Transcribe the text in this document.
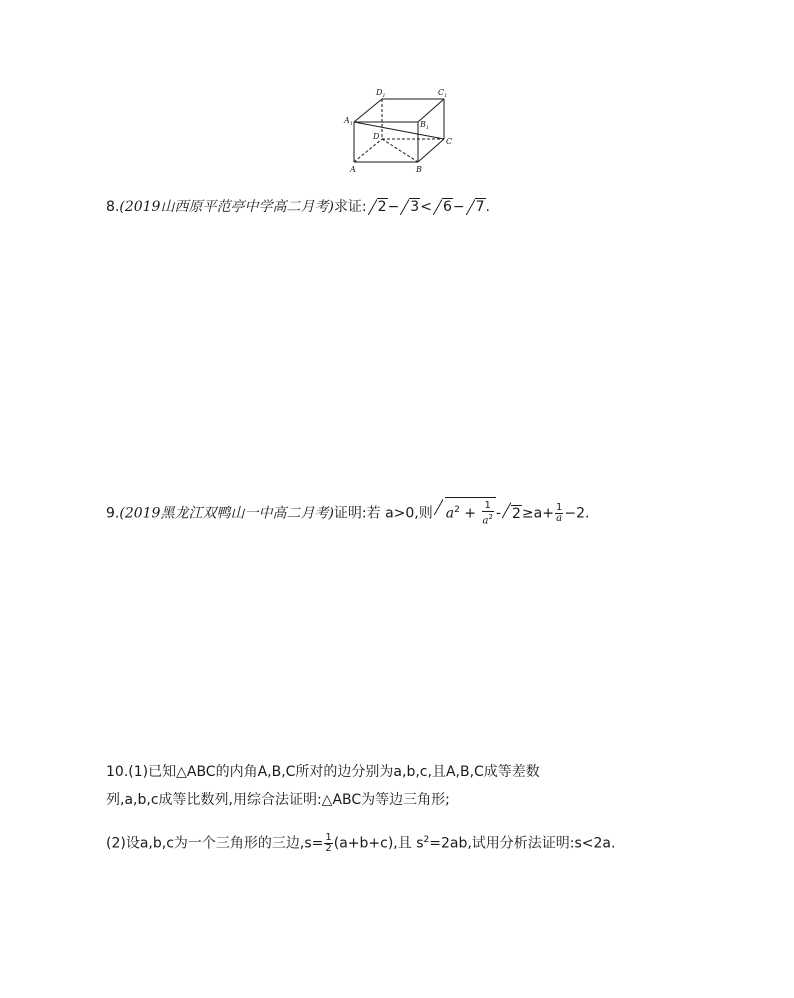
$D_1$	$C_1$
$A_1$	$B_1$
C
D
A	B
8.(2019山西原平范亭中学高二月考)求证: 2− 3< 6− 7.
9.(2019黑龙江双鸭山一中高二月考)证明:若 a>0,则 $a^2 + \frac{1}{a^2} - 2\ge a+ \frac{1}{a} -2$.
10.(1)已知△ABC的内角A,B,C所对的边分别为a,b,c,且A,B,C成等差数
列,a,b,c成等比数列,用综合法证明:△ABC为等边三角形;
(2)设a,b,c为一个三角形的三边$,s= \frac{1}{2} (a+b+c)$,且 $s^2=2ab$,试用分析法证明:s<2a.
